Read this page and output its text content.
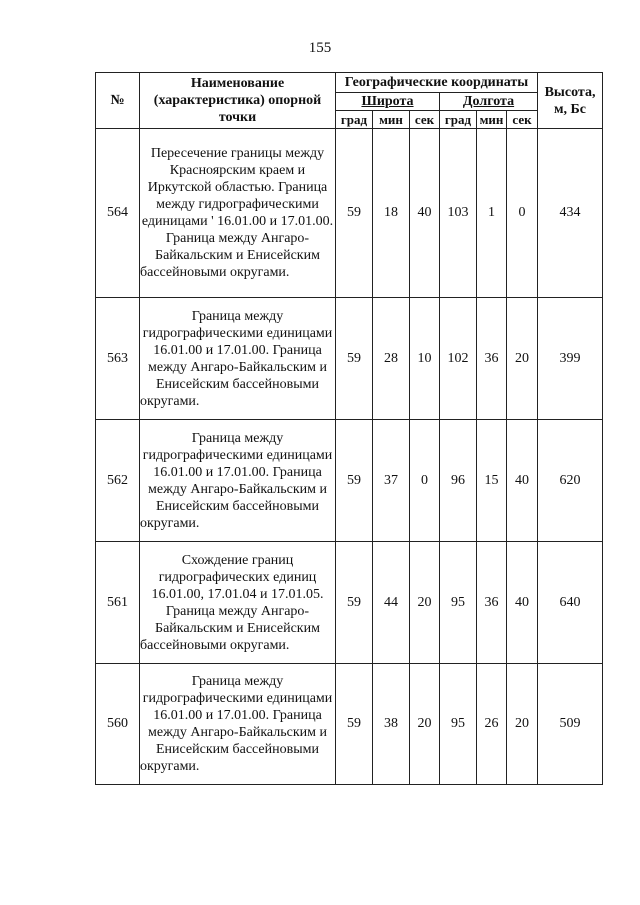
155
№	Наименование (характеристика) опорной точки	Географические координаты						Высота, м, Бс
		Широта			Долгота			
		град	мин	сек	град	мин	сек	
564	Пересечение границы между Красноярским краем и Иркутской областью. Граница между гидрографическими единицами ' 16.01.00 и 17.01.00. Граница между Ангаро-Байкальским и Енисейским бассейновыми округами.	59	18	40	103	1	0	434
563	Граница между гидрографическими единицами 16.01.00 и 17.01.00. Граница между Ангаро-Байкальским и Енисейским бассейновыми округами.	59	28	10	102	36	20	399
562	Граница между гидрографическими единицами 16.01.00 и 17.01.00. Граница между Ангаро-Байкальским и Енисейским бассейновыми округами.	59	37	0	96	15	40	620
561	Схождение границ гидрографических единиц 16.01.00, 17.01.04 и 17.01.05. Граница между Ангаро-Байкальским и Енисейским бассейновыми округами.	59	44	20	95	36	40	640
560	Граница между гидрографическими единицами 16.01.00 и 17.01.00. Граница между Ангаро-Байкальским и Енисейским бассейновыми округами.	59	38	20	95	26	20	509
